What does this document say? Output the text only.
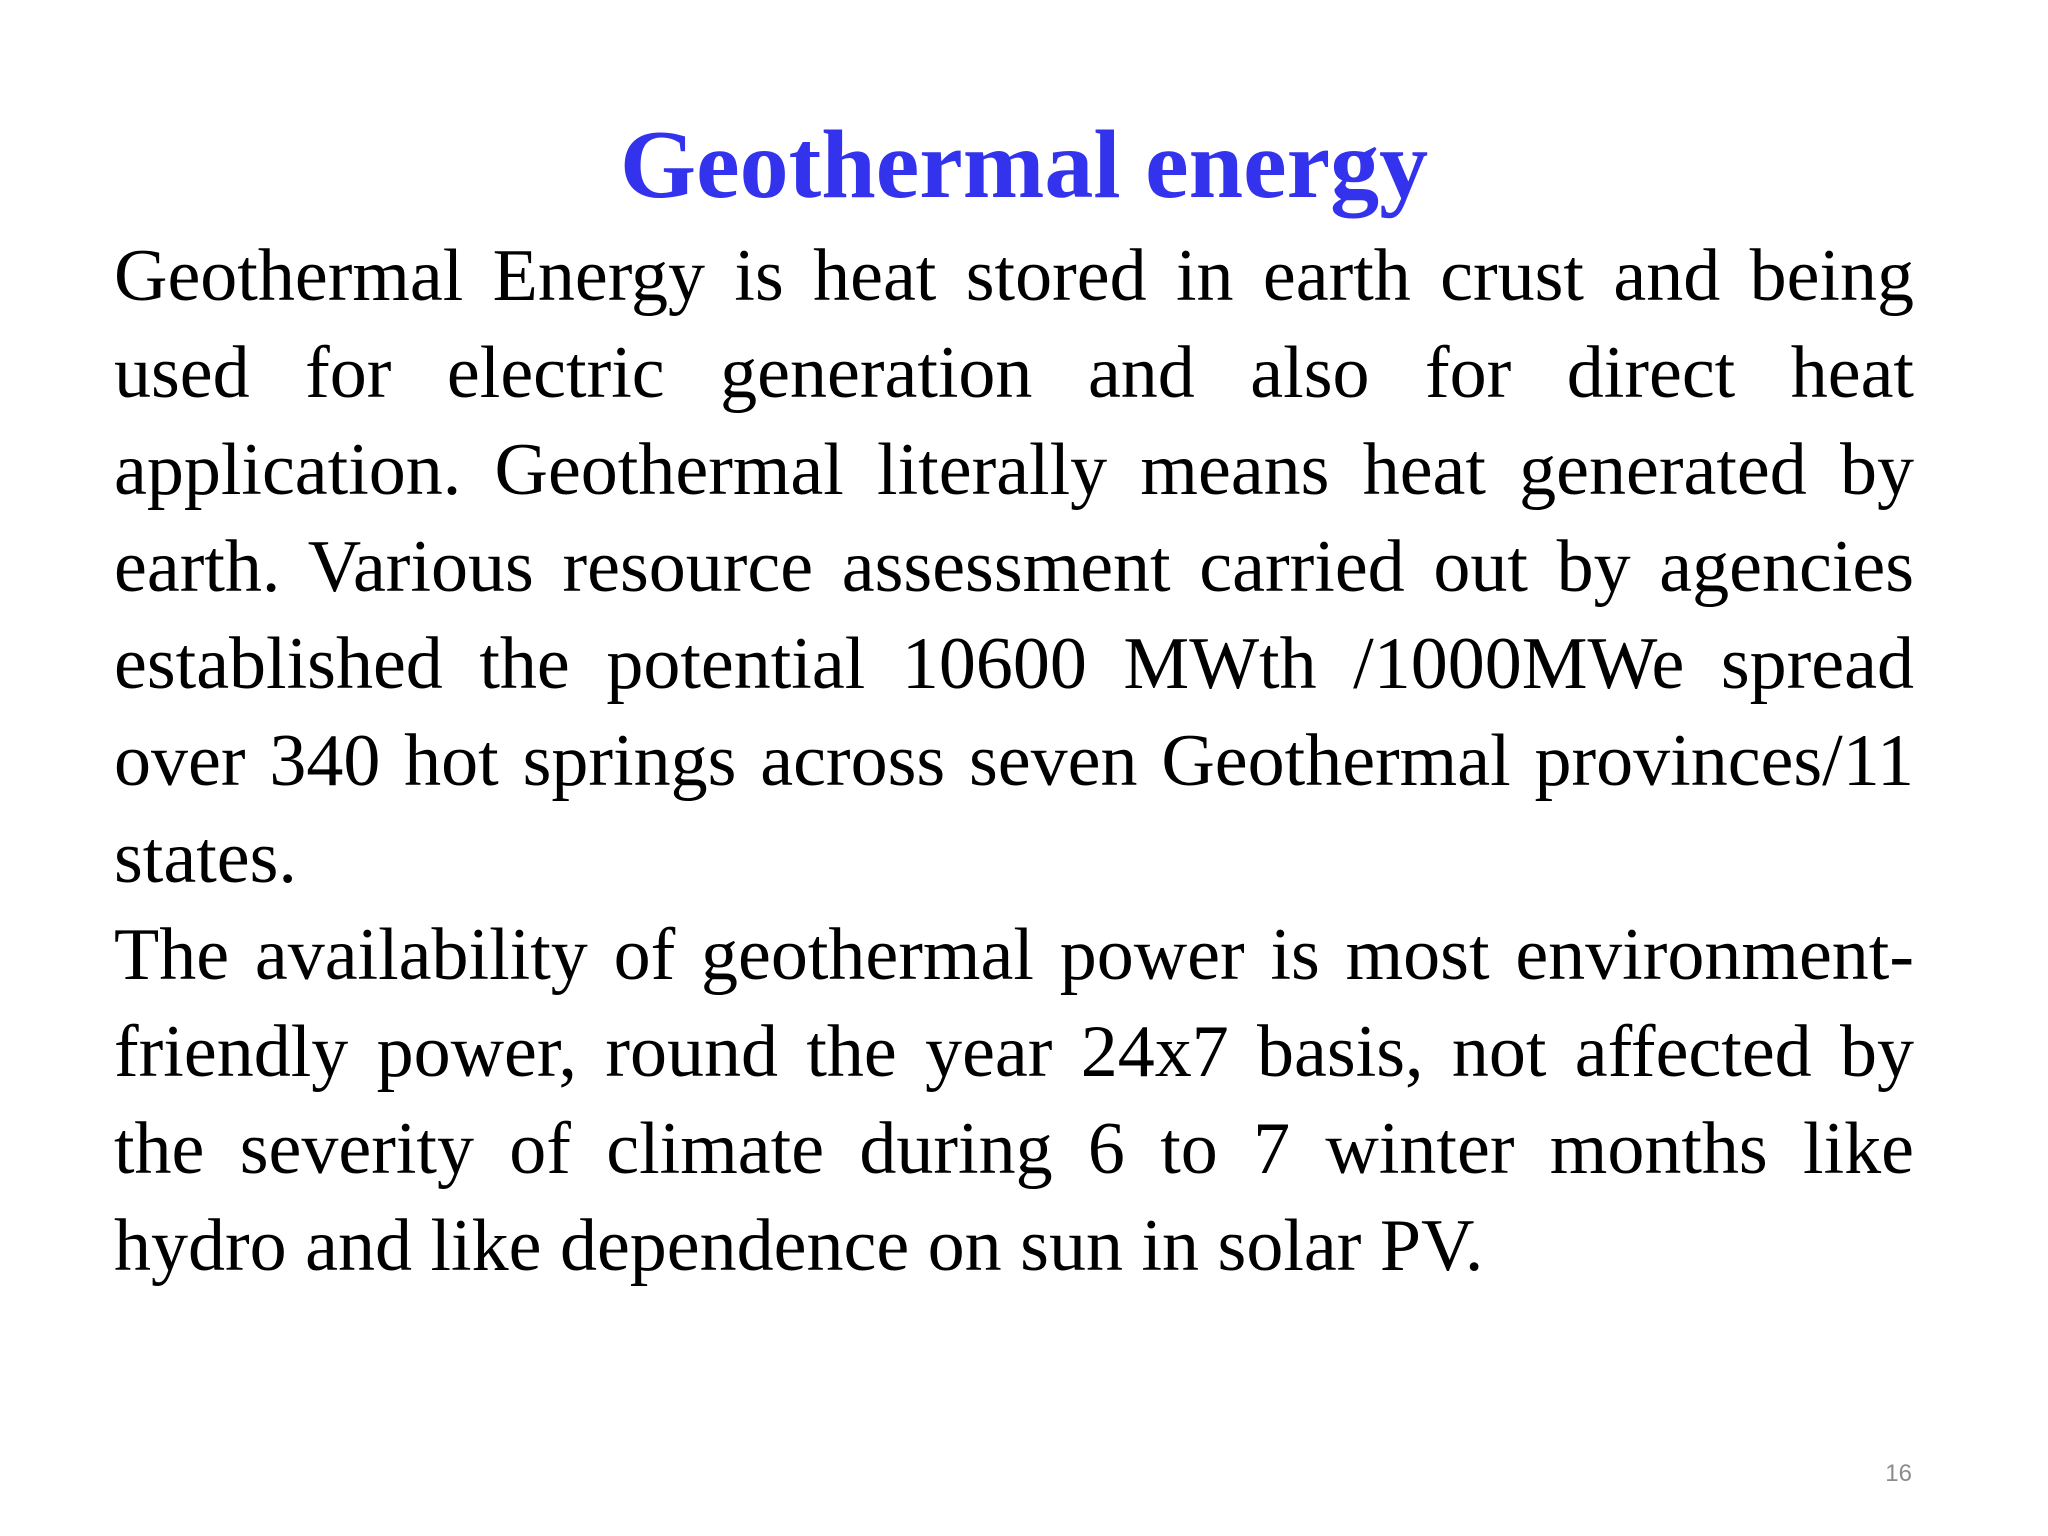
Geothermal energy

Geothermal Energy is heat stored in earth crust and being used for electric generation and also for direct heat application. Geothermal literally means heat generated by earth. Various resource assessment carried out by agencies established the potential 10600 MWth /1000MWe spread over 340 hot springs across seven Geothermal provinces/11 states.

The availability of geothermal power is most environment-friendly power, round the year 24x7 basis, not affected by the severity of climate during 6 to 7 winter months like hydro and like dependence on sun in solar PV.

16
